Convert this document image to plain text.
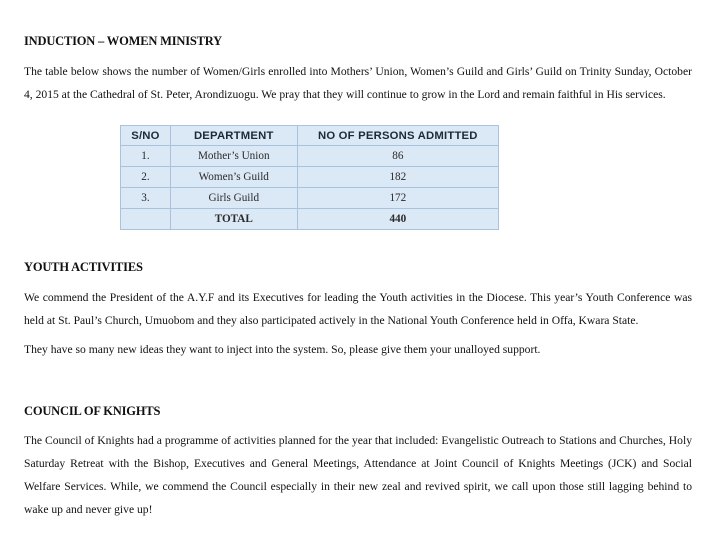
INDUCTION – WOMEN MINISTRY

The table below shows the number of Women/Girls enrolled into Mothers’ Union, Women’s Guild and Girls’ Guild on Trinity Sunday, October 4, 2015 at the Cathedral of St. Peter, Arondizuogu. We pray that they will continue to grow in the Lord and remain faithful in His services.

S/NO	DEPARTMENT	NO OF PERSONS ADMITTED
1.	Mother’s Union	86
2.	Women’s Guild	182
3.	Girls Guild	172
	TOTAL	440
YOUTH ACTIVITIES

We commend the President of the A.Y.F and its Executives for leading the Youth activities in the Diocese. This year’s Youth Conference was held at St. Paul’s Church, Umuobom and they also participated actively in the National Youth Conference held in Offa, Kwara State.

They have so many new ideas they want to inject into the system. So, please give them your unalloyed support.

COUNCIL OF KNIGHTS

The Council of Knights had a programme of activities planned for the year that included: Evangelistic Outreach to Stations and Churches, Holy Saturday Retreat with the Bishop, Executives and General Meetings, Attendance at Joint Council of Knights Meetings (JCK) and Social Welfare Services. While, we commend the Council especially in their new zeal and revived spirit, we call upon those still lagging behind to wake up and never give up!
